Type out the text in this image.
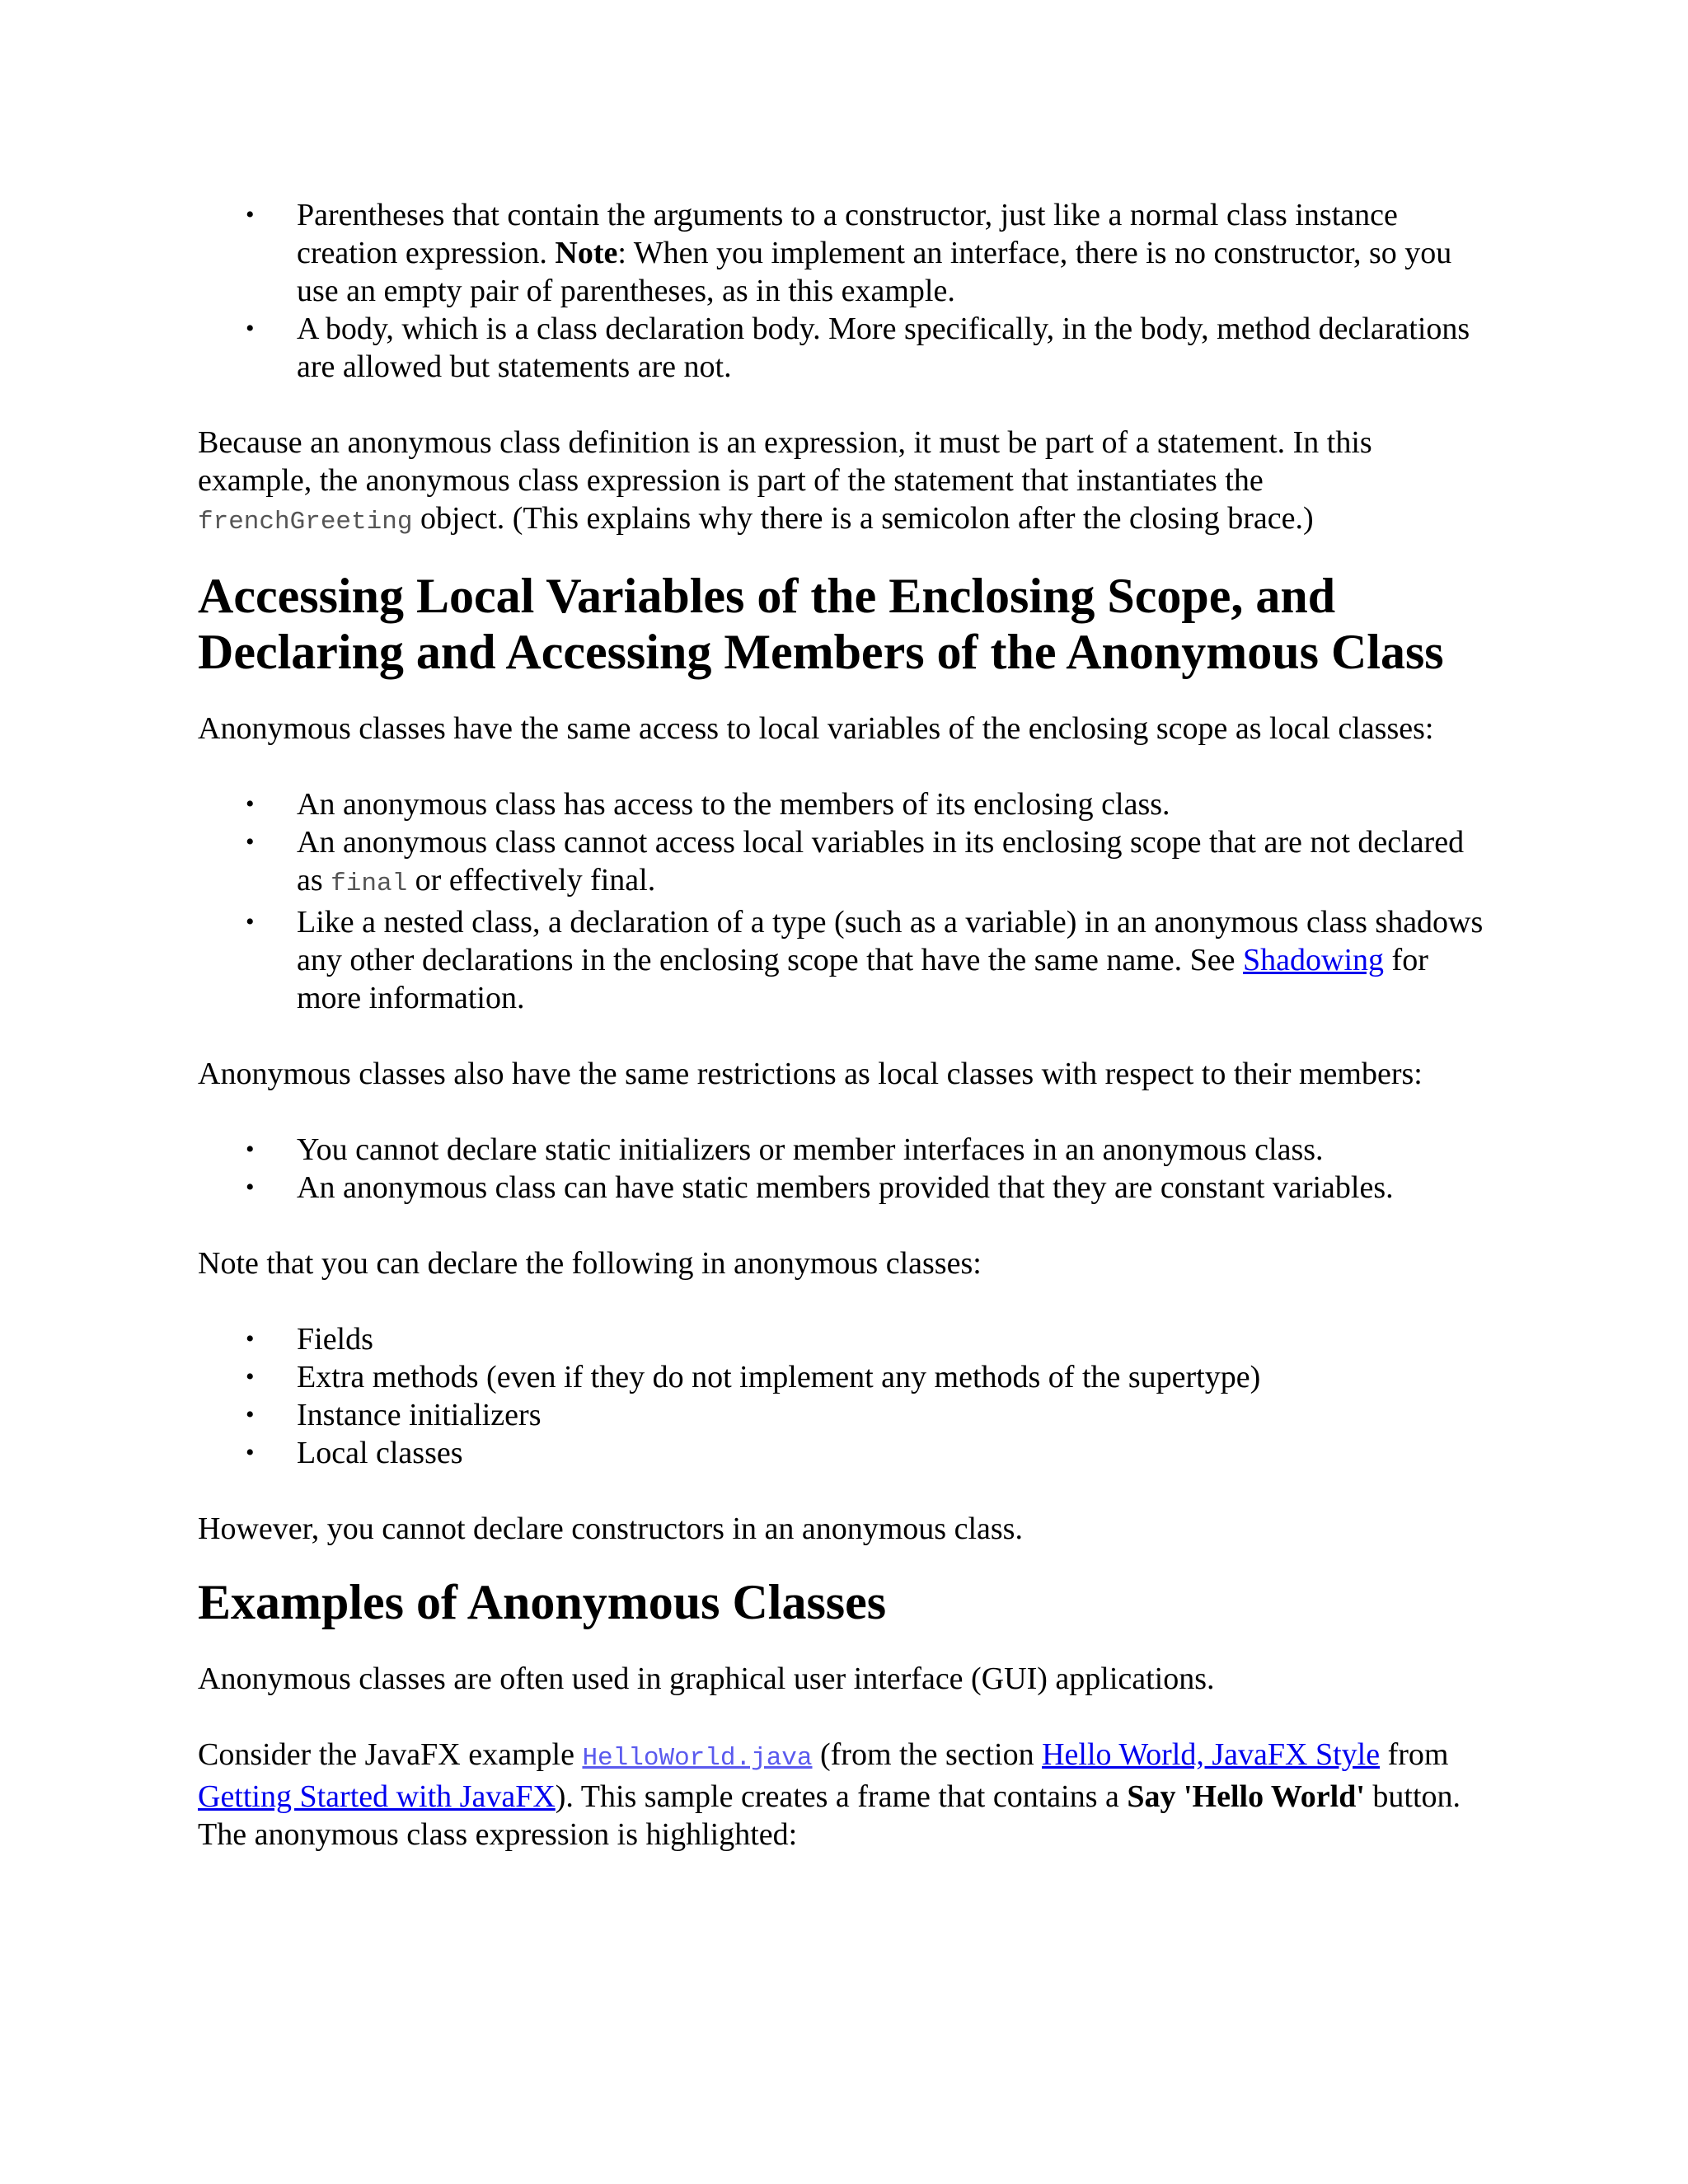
• Parentheses that contain the arguments to a constructor, just like a normal class instance creation expression. Note: When you implement an interface, there is no constructor, so you use an empty pair of parentheses, as in this example.
• A body, which is a class declaration body. More specifically, in the body, method declarations are allowed but statements are not.

Because an anonymous class definition is an expression, it must be part of a statement. In this example, the anonymous class expression is part of the statement that instantiates the frenchGreeting object. (This explains why there is a semicolon after the closing brace.)

Accessing Local Variables of the Enclosing Scope, and Declaring and Accessing Members of the Anonymous Class

Anonymous classes have the same access to local variables of the enclosing scope as local classes:

• An anonymous class has access to the members of its enclosing class.
• An anonymous class cannot access local variables in its enclosing scope that are not declared as final or effectively final.
• Like a nested class, a declaration of a type (such as a variable) in an anonymous class shadows any other declarations in the enclosing scope that have the same name. See Shadowing for more information.

Anonymous classes also have the same restrictions as local classes with respect to their members:

• You cannot declare static initializers or member interfaces in an anonymous class.
• An anonymous class can have static members provided that they are constant variables.

Note that you can declare the following in anonymous classes:

• Fields
• Extra methods (even if they do not implement any methods of the supertype)
• Instance initializers
• Local classes

However, you cannot declare constructors in an anonymous class.

Examples of Anonymous Classes

Anonymous classes are often used in graphical user interface (GUI) applications.

Consider the JavaFX example HelloWorld.java (from the section Hello World, JavaFX Style from Getting Started with JavaFX). This sample creates a frame that contains a Say 'Hello World' button. The anonymous class expression is highlighted:
